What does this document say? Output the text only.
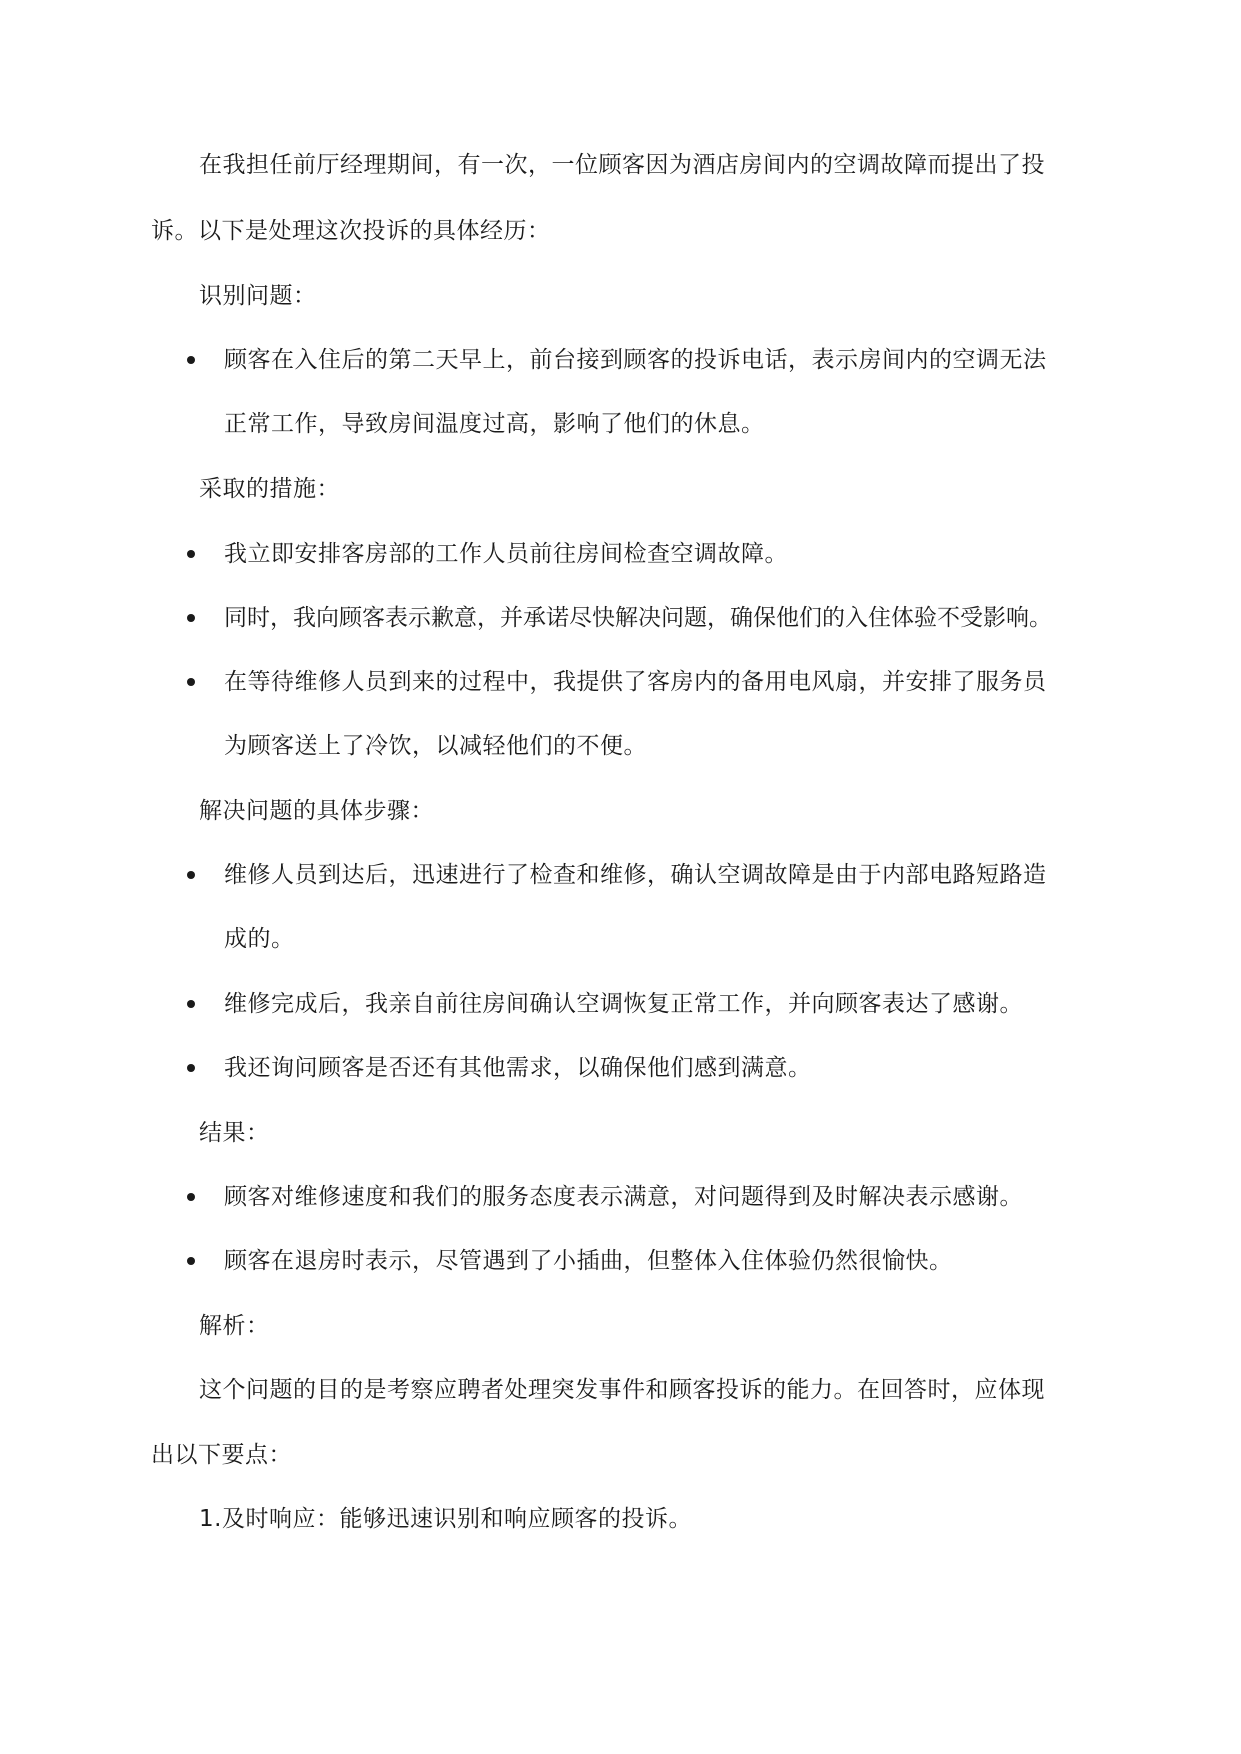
在我担任前厅经理期间，有一次，一位顾客因为酒店房间内的空调故障而提出了投
诉。以下是处理这次投诉的具体经历：
识别问题：
顾客在入住后的第二天早上，前台接到顾客的投诉电话，表示房间内的空调无法
正常工作，导致房间温度过高，影响了他们的休息。
采取的措施：
我立即安排客房部的工作人员前往房间检查空调故障。
同时，我向顾客表示歉意，并承诺尽快解决问题，确保他们的入住体验不受影响。
在等待维修人员到来的过程中，我提供了客房内的备用电风扇，并安排了服务员
为顾客送上了冷饮，以减轻他们的不便。
解决问题的具体步骤：
维修人员到达后，迅速进行了检查和维修，确认空调故障是由于内部电路短路造
成的。
维修完成后，我亲自前往房间确认空调恢复正常工作，并向顾客表达了感谢。
我还询问顾客是否还有其他需求，以确保他们感到满意。
结果：
顾客对维修速度和我们的服务态度表示满意，对问题得到及时解决表示感谢。
顾客在退房时表示，尽管遇到了小插曲，但整体入住体验仍然很愉快。
解析：
这个问题的目的是考察应聘者处理突发事件和顾客投诉的能力。在回答时，应体现
出以下要点：
1.及时响应：能够迅速识别和响应顾客的投诉。
